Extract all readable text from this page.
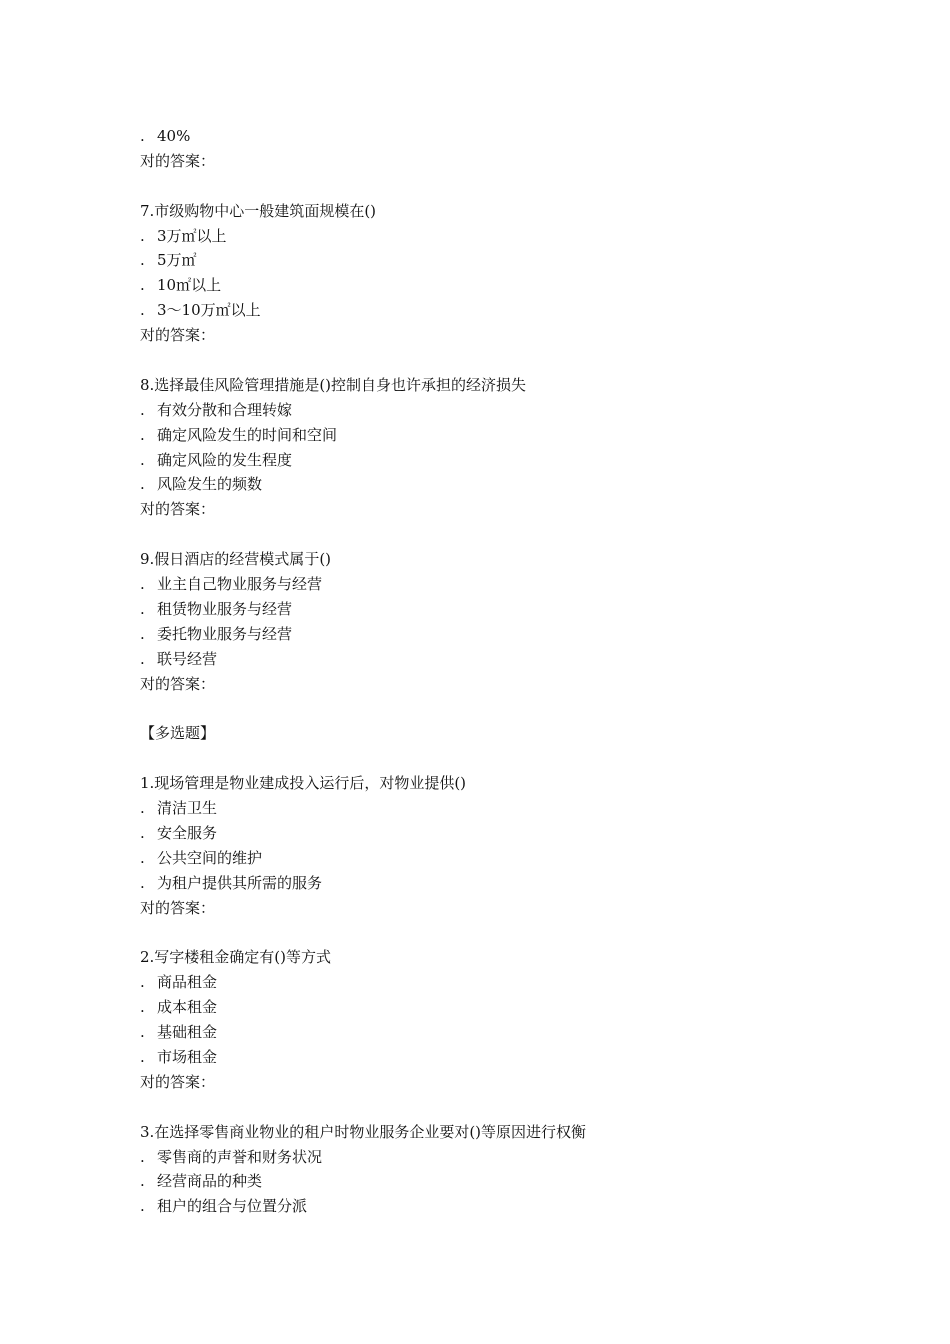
. 40%
对的答案：
7.市级购物中心一般建筑面规模在()
. 3万㎡以上
. 5万㎡
. 10㎡以上
. 3～10万㎡以上
对的答案：
8.选择最佳风险管理措施是()控制自身也许承担的经济损失
. 有效分散和合理转嫁
. 确定风险发生的时间和空间
. 确定风险的发生程度
. 风险发生的频数
对的答案：
9.假日酒店的经营模式属于()
. 业主自己物业服务与经营
. 租赁物业服务与经营
. 委托物业服务与经营
. 联号经营
对的答案：
【多选题】
1.现场管理是物业建成投入运行后，对物业提供()
. 清洁卫生
. 安全服务
. 公共空间的维护
. 为租户提供其所需的服务
对的答案：
2.写字楼租金确定有()等方式
. 商品租金
. 成本租金
. 基础租金
. 市场租金
对的答案：
3.在选择零售商业物业的租户时物业服务企业要对()等原因进行权衡
. 零售商的声誉和财务状况
. 经营商品的种类
. 租户的组合与位置分派
